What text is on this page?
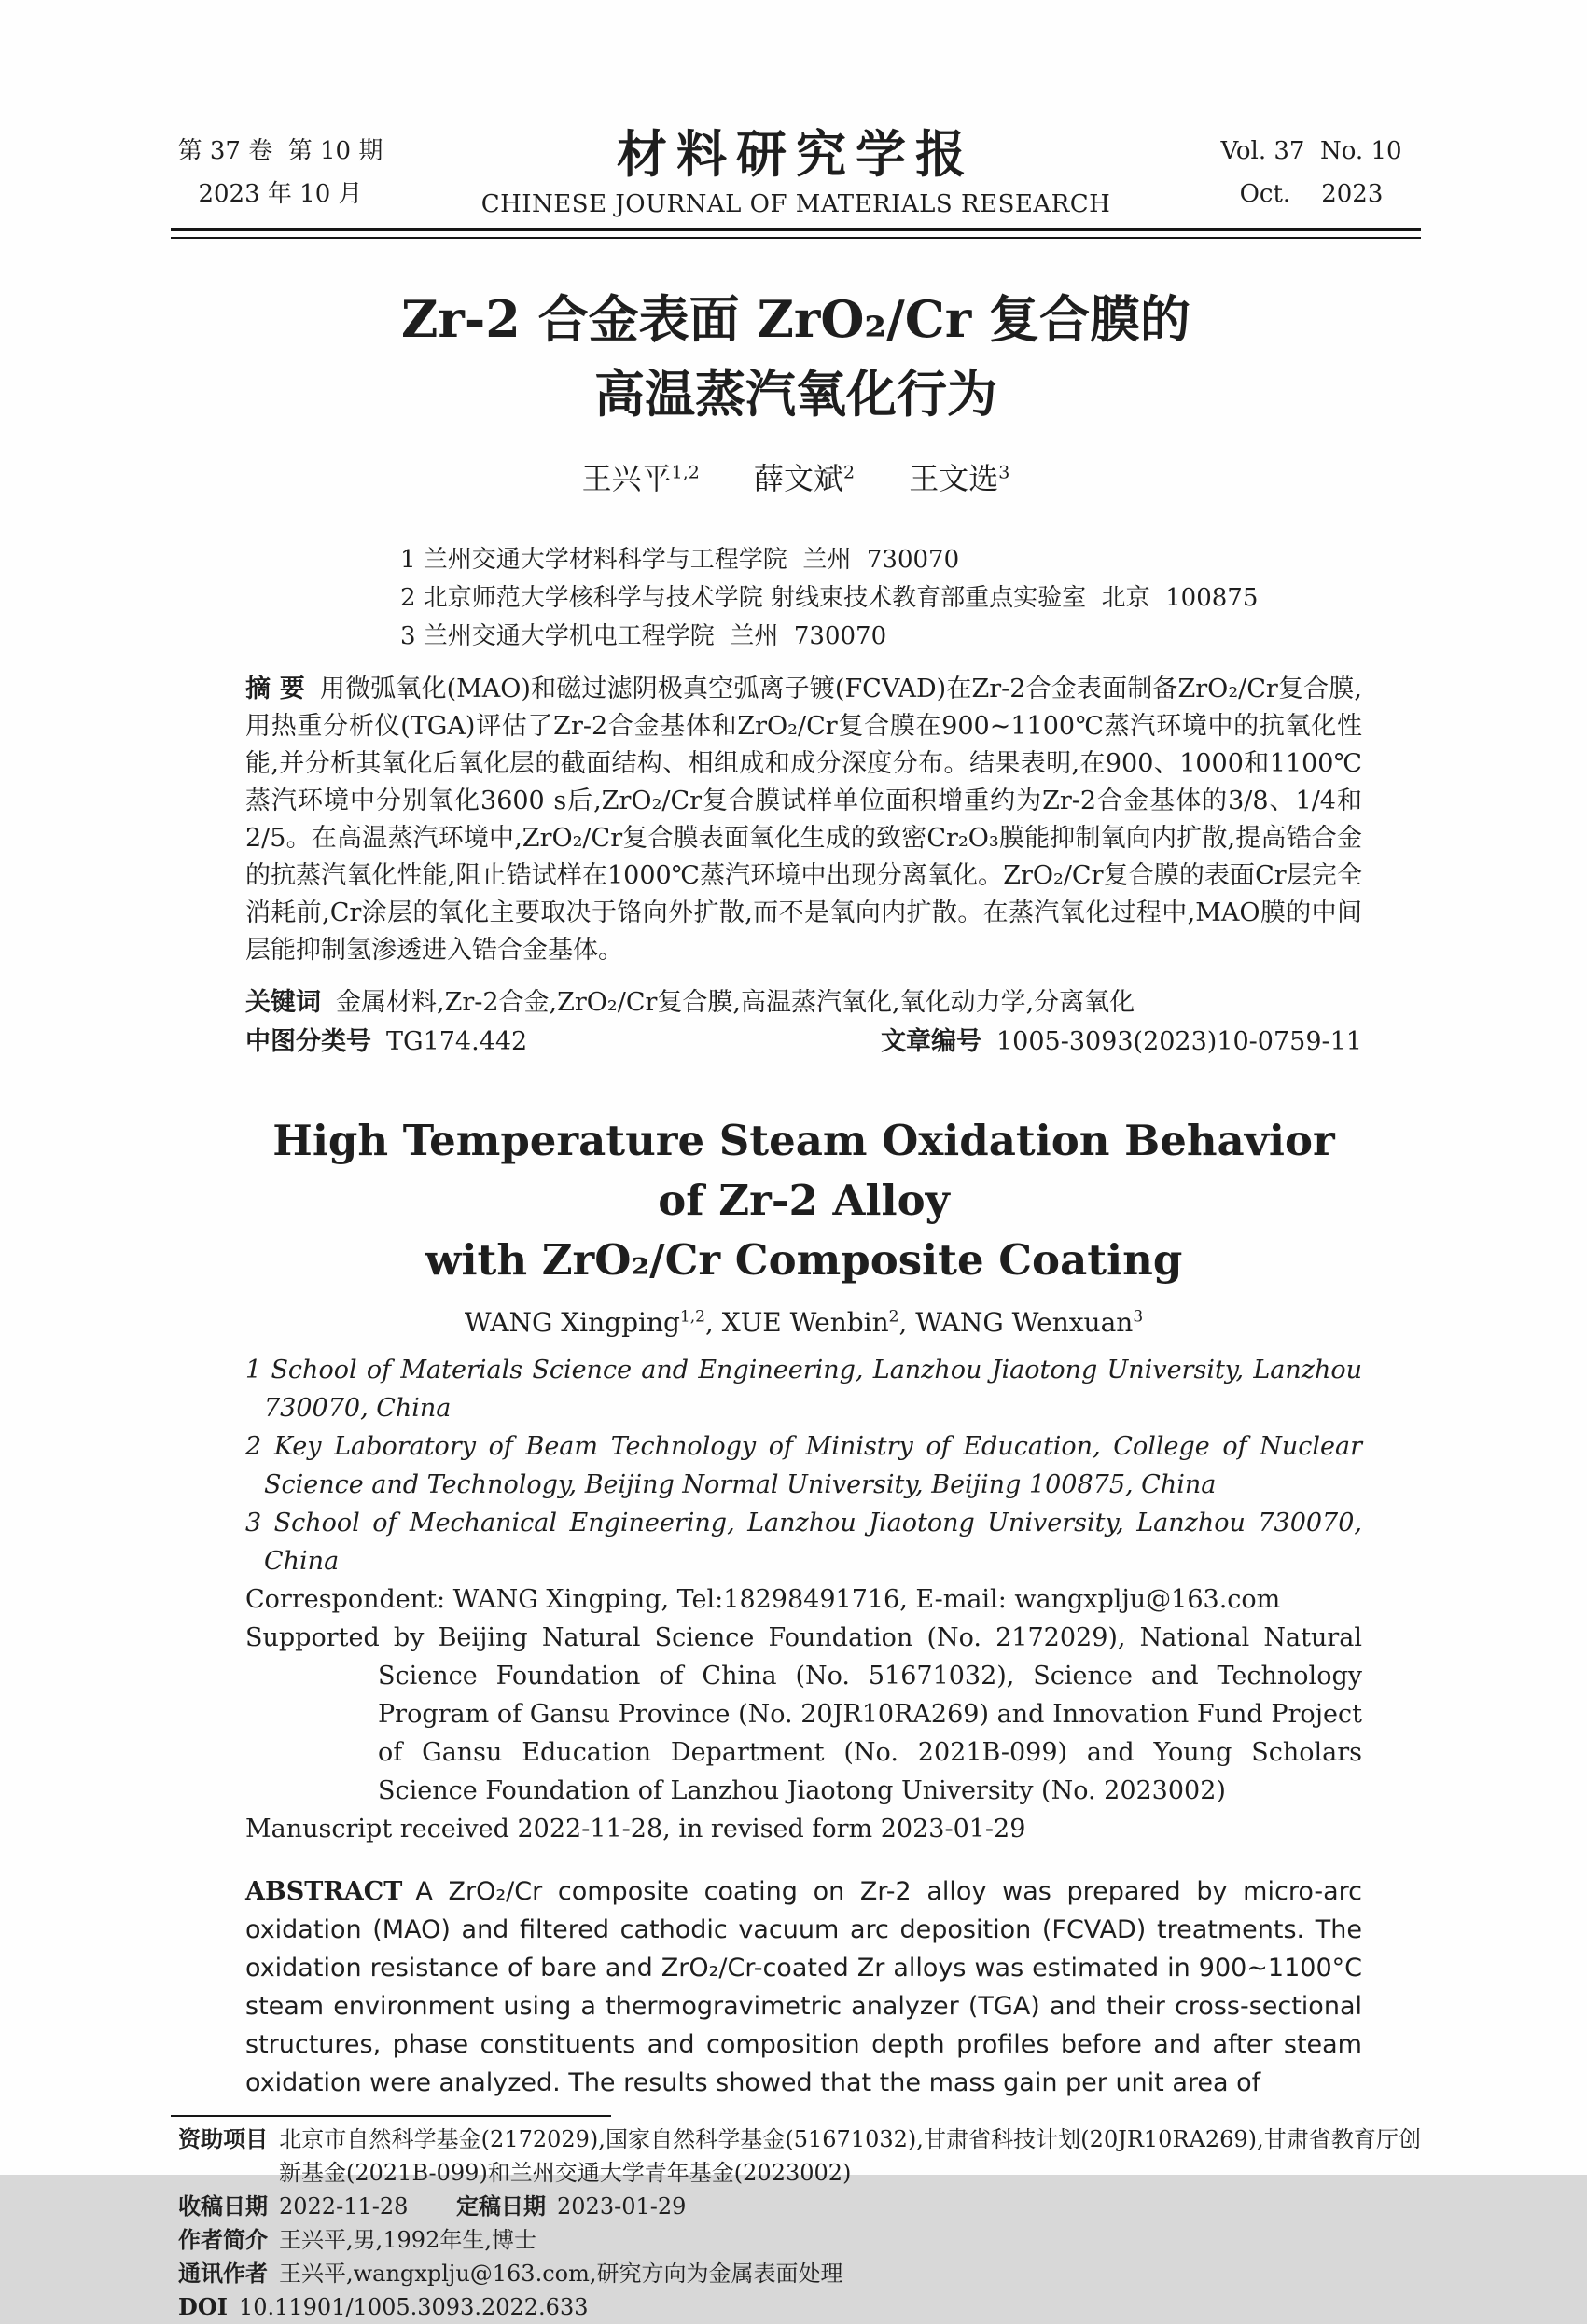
第 37 卷  第 10 期
2023 年 10 月
材料研究学报
CHINESE JOURNAL OF MATERIALS RESEARCH
Vol. 37  No. 10
Oct.    2023
Zr-2 合金表面 ZrO₂/Cr 复合膜的
高温蒸汽氧化行为
王兴平$^{1,2}$ 薛文斌$^2$ 王文选$^3$
1 兰州交通大学材料科学与工程学院  兰州  730070
2 北京师范大学核科学与技术学院 射线束技术教育部重点实验室  北京  100875
3 兰州交通大学机电工程学院  兰州  730070
摘 要 用微弧氧化(MAO)和磁过滤阴极真空弧离子镀(FCVAD)在Zr-2合金表面制备ZrO₂/Cr复合膜,用热重分析仪(TGA)评估了Zr-2合金基体和ZrO₂/Cr复合膜在900~1100℃蒸汽环境中的抗氧化性能,并分析其氧化后氧化层的截面结构、相组成和成分深度分布。结果表明,在900、1000和1100℃蒸汽环境中分别氧化3600 s后,ZrO₂/Cr复合膜试样单位面积增重约为Zr-2合金基体的3/8、1/4和2/5。在高温蒸汽环境中,ZrO₂/Cr复合膜表面氧化生成的致密Cr₂O₃膜能抑制氧向内扩散,提高锆合金的抗蒸汽氧化性能,阻止锆试样在1000℃蒸汽环境中出现分离氧化。ZrO₂/Cr复合膜的表面Cr层完全消耗前,Cr涂层的氧化主要取决于铬向外扩散,而不是氧向内扩散。在蒸汽氧化过程中,MAO膜的中间层能抑制氢渗透进入锆合金基体。
关键词 金属材料,Zr-2合金,ZrO₂/Cr复合膜,高温蒸汽氧化,氧化动力学,分离氧化
中图分类号 TG174.442	文章编号 1005-3093(2023)10-0759-11
High Temperature Steam Oxidation Behavior of Zr-2 Alloy
with ZrO₂/Cr Composite Coating
WANG Xingping$^{1,2}$, XUE Wenbin$^2$, WANG Wenxuan$^3$
1 School of Materials Science and Engineering, Lanzhou Jiaotong University, Lanzhou 730070, China
2 Key Laboratory of Beam Technology of Ministry of Education, College of Nuclear Science and Technology, Beijing Normal University, Beijing 100875, China
3 School of Mechanical Engineering, Lanzhou Jiaotong University, Lanzhou 730070, China
Correspondent: WANG Xingping, Tel:18298491716, E-mail: wangxplju@163.com
Supported by Beijing Natural Science Foundation (No. 2172029), National Natural Science Foundation of China (No. 51671032), Science and Technology Program of Gansu Province (No. 20JR10RA269) and Innovation Fund Project of Gansu Education Department (No. 2021B-099) and Young Scholars Science Foundation of Lanzhou Jiaotong University (No. 2023002)
Manuscript received 2022-11-28, in revised form 2023-01-29
ABSTRACT A ZrO₂/Cr composite coating on Zr-2 alloy was prepared by micro-arc oxidation (MAO) and filtered cathodic vacuum arc deposition (FCVAD) treatments. The oxidation resistance of bare and ZrO₂/Cr-coated Zr alloys was estimated in 900~1100°C steam environment using a thermogravimetric analyzer (TGA) and their cross-sectional structures, phase constituents and composition depth profiles before and after steam oxidation were analyzed. The results showed that the mass gain per unit area of
资助项目 北京市自然科学基金(2172029),国家自然科学基金(51671032),甘肃省科技计划(20JR10RA269),甘肃省教育厅创新基金(2021B-099)和兰州交通大学青年基金(2023002)
收稿日期 2022-11-28 定稿日期 2023-01-29
作者简介 王兴平,男,1992年生,博士
通讯作者 王兴平,wangxplju@163.com,研究方向为金属表面处理
DOI 10.11901/1005.3093.2022.633
